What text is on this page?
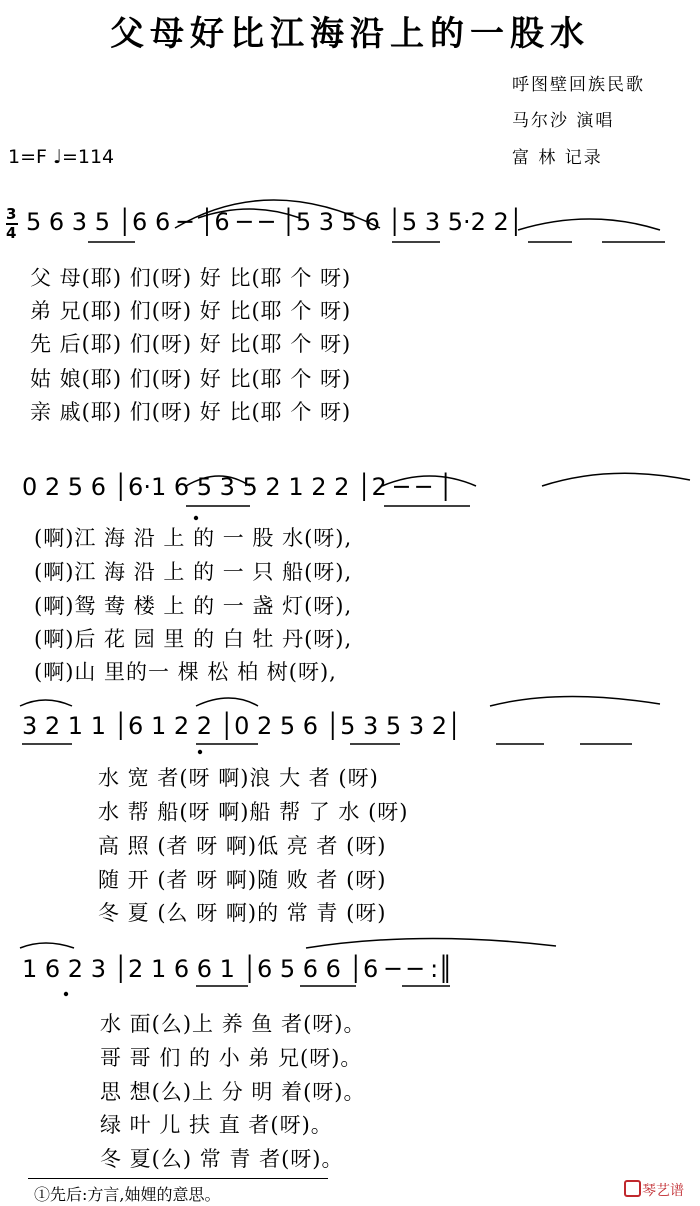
父母好比江海沿上的一股水
呼图壁回族民歌
马尔沙 演唱
富 林 记录
1=F ♩=114
3
4 5 6 3 5 │6 6 ─ │6 ─ ─ │5 3 5 6 │5 3 5·2 2│
父 母(耶) 们(呀) 好 比(耶 个 呀)
弟 兄(耶) 们(呀) 好 比(耶 个 呀)
先 后(耶) 们(呀) 好 比(耶 个 呀)
姑 娘(耶) 们(呀) 好 比(耶 个 呀)
亲 戚(耶) 们(呀) 好 比(耶 个 呀)
0 2 5 6 │6·1 6 5 3 5 2 1 2 2 │2 ─ ─ │
(啊)江 海 沿 上 的 一 股 水(呀),
(啊)江 海 沿 上 的 一 只 船(呀),
(啊)鸳 鸯 楼 上 的 一 盏 灯(呀),
(啊)后 花 园 里 的 白 牡 丹(呀),
(啊)山 里的一 棵 松 柏 树(呀),
3 2 1 1 │6 1 2 2 │0 2 5 6 │5 3 5 3 2│
水 宽 者(呀 啊)浪 大 者 (呀)
水 帮 船(呀 啊)船 帮 了 水 (呀)
高 照 (者 呀 啊)低 亮 者 (呀)
随 开 (者 呀 啊)随 败 者 (呀)
冬 夏 (么 呀 啊)的 常 青 (呀)
1 6 2 3 │2 1 6 6 1 │6 5 6 6 │6 ─ ─ :║
水 面(么)上 养 鱼 者(呀)。
哥 哥 们 的 小 弟 兄(呀)。
思 想(么)上 分 明 着(呀)。
绿 叶 儿 扶 直 者(呀)。
冬 夏(么) 常 青 者(呀)。
①先后:方言,妯娌的意思。	琴艺谱
